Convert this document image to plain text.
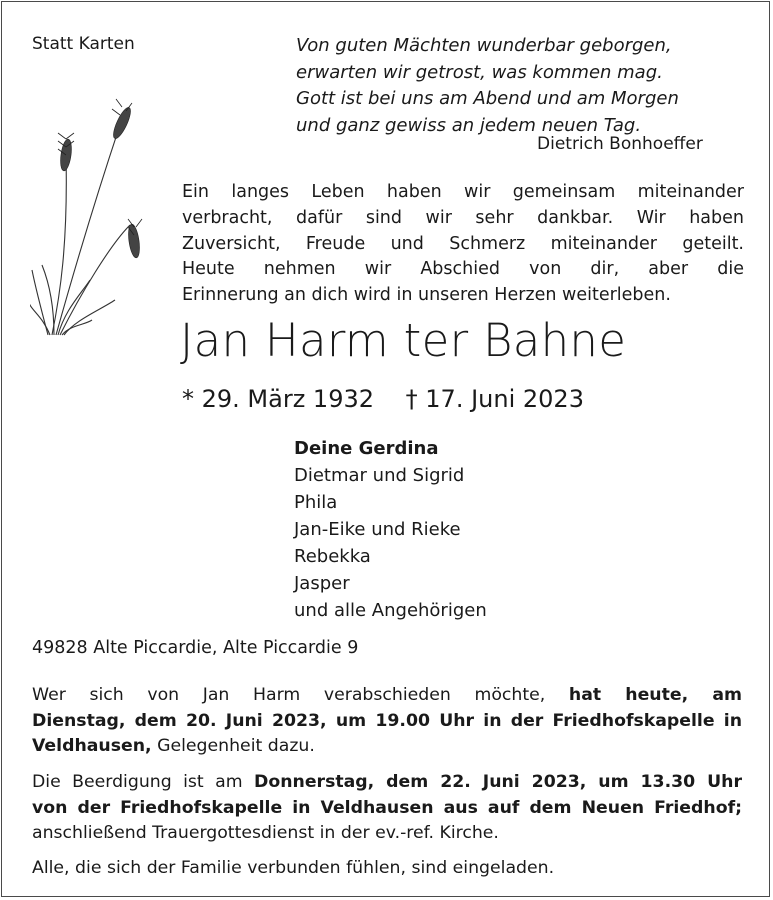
Statt Karten	Von guten Mächten wunderbar geborgen,
erwarten wir getrost, was kommen mag.
Gott ist bei uns am Abend und am Morgen
und ganz gewiss an jedem neuen Tag.
Dietrich Bonhoeffer
Ein langes Leben haben wir gemeinsam miteinander
verbracht, dafür sind wir sehr dankbar. Wir haben
Zuversicht, Freude und Schmerz miteinander geteilt.
Heute nehmen wir Abschied von dir, aber die
Erinnerung an dich wird in unseren Herzen weiterleben.
Jan Harm ter Bahne
* 29. März 1932 † 17. Juni 2023
Deine Gerdina
Dietmar und Sigrid
Phila
Jan-Eike und Rieke
Rebekka
Jasper
und alle Angehörigen
49828 Alte Piccardie, Alte Piccardie 9
Wer sich von Jan Harm verabschieden möchte, hat heute, am
Dienstag, dem 20. Juni 2023, um 19.00 Uhr in der Friedhofskapelle in
Veldhausen, Gelegenheit dazu.
Die Beerdigung ist am Donnerstag, dem 22. Juni 2023, um 13.30 Uhr
von der Friedhofskapelle in Veldhausen aus auf dem Neuen Friedhof;
anschließend Trauergottesdienst in der ev.-ref. Kirche.
Alle, die sich der Familie verbunden fühlen, sind eingeladen.
